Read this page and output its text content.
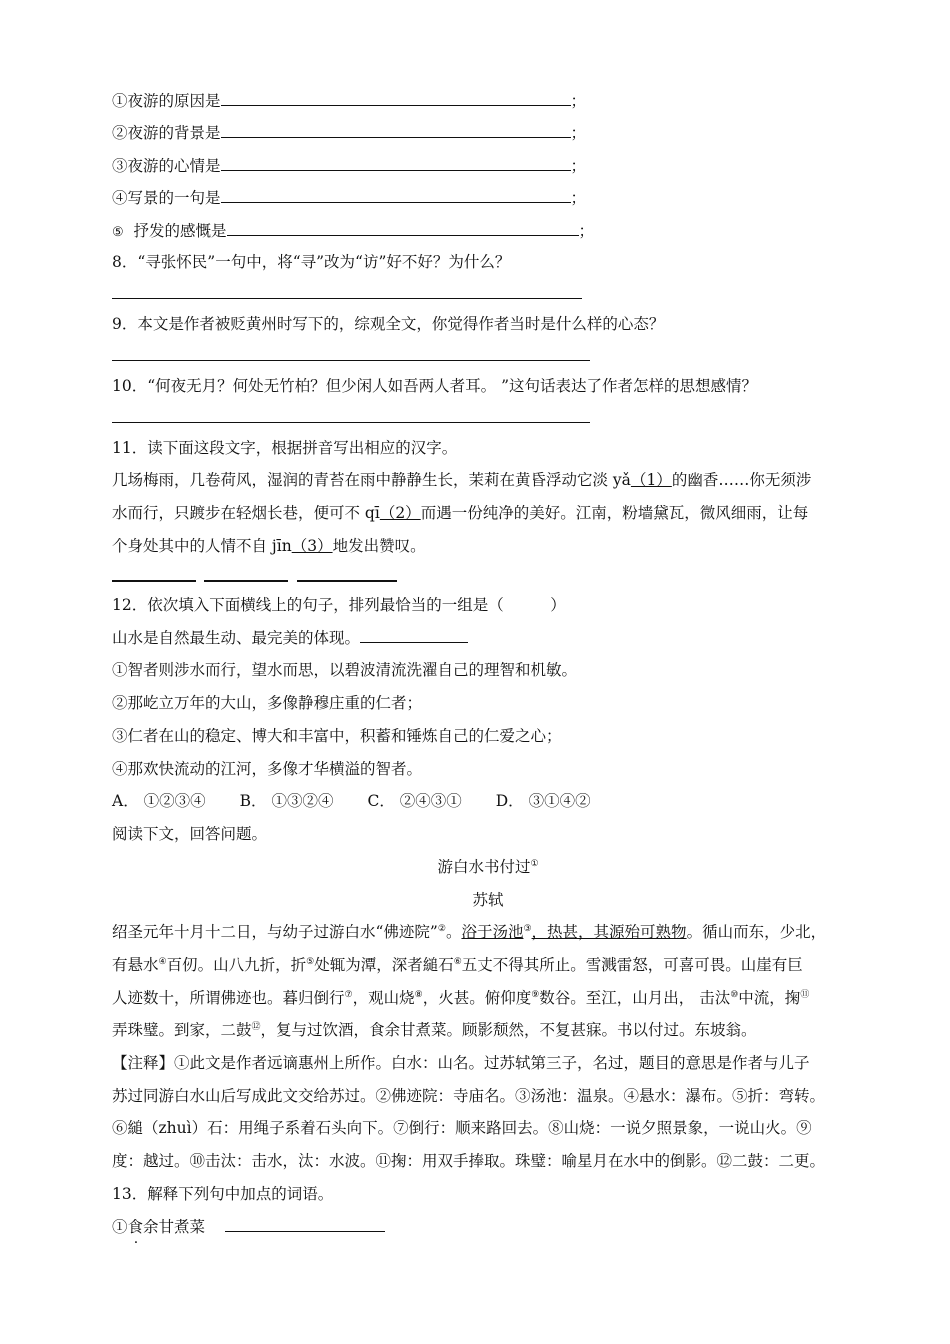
①夜游的原因是	；
②夜游的背景是	；
③夜游的心情是	；
④写景的一句是	；
⑤ 抒发的感慨是	；
8．“寻张怀民”一句中，将“寻”改为“访”好不好？为什么？
9．本文是作者被贬黄州时写下的，综观全文，你觉得作者当时是什么样的心态？
10．“何夜无月？何处无竹柏？但少闲人如吾两人者耳。 ”这句话表达了作者怎样的思想感情？
11．读下面这段文字，根据拼音写出相应的汉字。
几场梅雨，几卷荷风，湿润的青苔在雨中静静生长，茉莉在黄昏浮动它淡 yǎ（1）的幽香……你无须涉
水而行，只踱步在轻烟长巷，便可不 qī（2）而遇一份纯净的美好。江南，粉墙黛瓦，微风细雨，让每
个身处其中的人情不自 jīn（3）地发出赞叹。
12．依次填入下面横线上的句子，排列最恰当的一组是（　　　）
山水是自然最生动、最完美的体现。
①智者则涉水而行，望水而思，以碧波清流洗濯自己的理智和机敏。
②那屹立万年的大山，多像静穆庄重的仁者；
③仁者在山的稳定、博大和丰富中，积蓄和锤炼自己的仁爱之心；
④那欢快流动的江河，多像才华横溢的智者。
A． ①②③④ B． ①③②④ C． ②④③① D． ③①④②
阅读下文，回答问题。
游白水书付过①
苏轼
绍圣元年十月十二日，与幼子过游白水“佛迹院”②。浴于汤池③，热甚，其源殆可熟物。循山而东，少北，
有悬水④百仞。山八九折，折⑤处辄为潭，深者縋石⑥五丈不得其所止。雪溅雷怒，可喜可畏。山崖有巨
人迹数十，所谓佛迹也。暮归倒行⑦，观山烧⑧，火甚。俯仰度⑨数谷。至江，山月出， 击汰⑩中流，掬⑪
弄珠璧。到家，二鼓⑫，复与过饮酒，食余甘煮菜。顾影颓然，不复甚寐。书以付过。东坡翁。
【注释】①此文是作者远谪惠州上所作。白水：山名。过苏轼第三子，名过，题目的意思是作者与儿子
苏过同游白水山后写成此文交给苏过。②佛迹院：寺庙名。③汤池：温泉。④悬水：瀑布。⑤折：弯转。
⑥縋（zhuì）石：用绳子系着石头向下。⑦倒行：顺来路回去。⑧山烧：一说夕照景象，一说山火。⑨
度：越过。⑩击汰：击水，汰：水波。⑪掬：用双手捧取。珠璧：喻星月在水中的倒影。⑫二鼓：二更。
13．解释下列句中加点的词语。
①食余甘煮菜
